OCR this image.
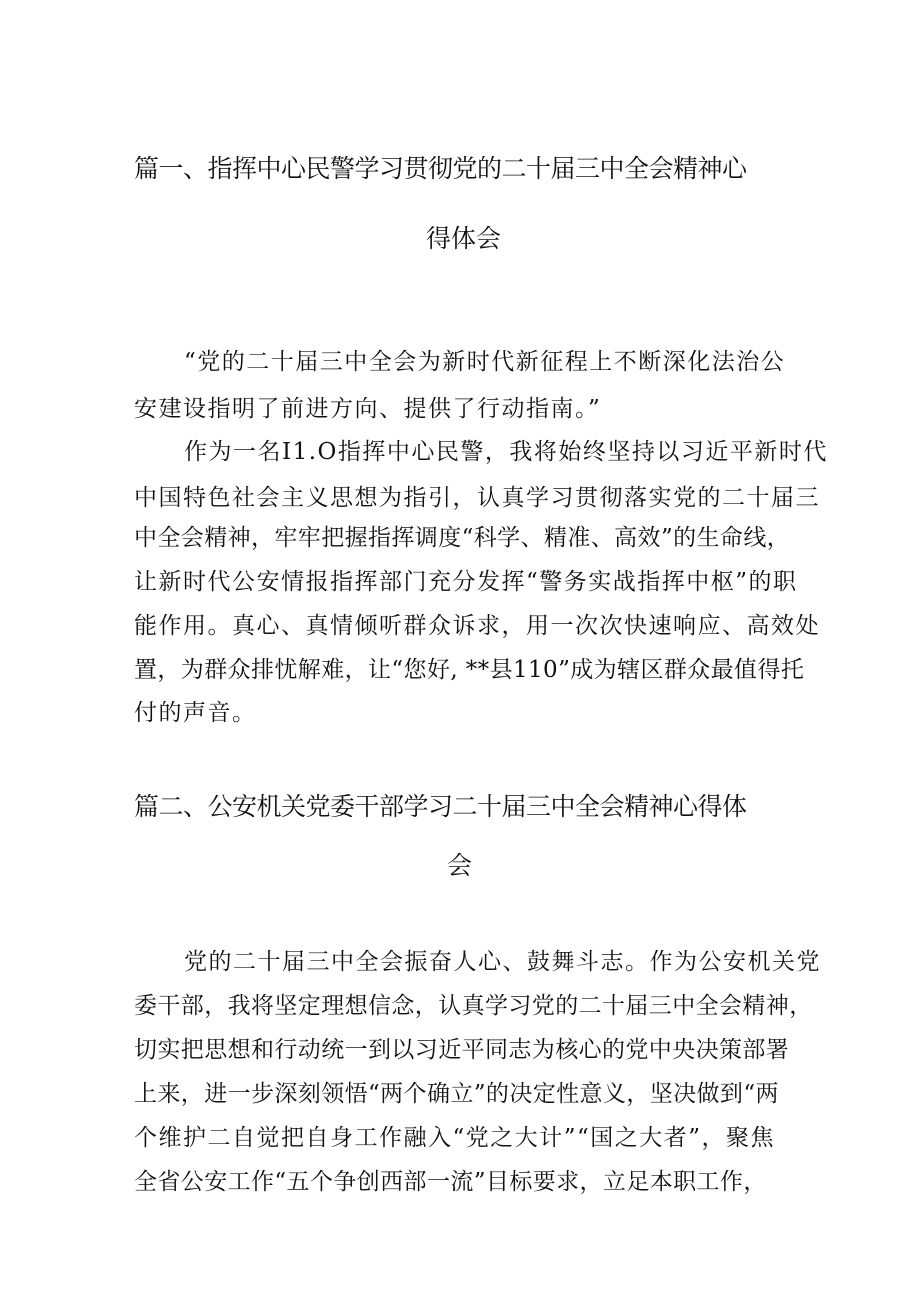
篇一、指挥中心民警学习贯彻党的二十届三中全会精神心
得体会
“党的二十届三中全会为新时代新征程上不断深化法治公
安建设指明了前进方向、提供了行动指南。”
作为一名I1.O指挥中心民警，我将始终坚持以习近平新时代
中国特色社会主义思想为指引，认真学习贯彻落实党的二十届三
中全会精神，牢牢把握指挥调度“科学、精准、高效”的生命线，
让新时代公安情报指挥部门充分发挥“警务实战指挥中枢”的职
能作用。真心、真情倾听群众诉求，用一次次快速响应、高效处
置，为群众排忧解难，让“您好, **县110”成为辖区群众最值得托
付的声音。
篇二、公安机关党委干部学习二十届三中全会精神心得体
会
党的二十届三中全会振奋人心、鼓舞斗志。作为公安机关党
委干部，我将坚定理想信念，认真学习党的二十届三中全会精神，
切实把思想和行动统一到以习近平同志为核心的党中央决策部署
上来，进一步深刻领悟“两个确立”的决定性意义，坚决做到“两
个维护二自觉把自身工作融入“党之大计”“国之大者”，聚焦
全省公安工作“五个争创西部一流”目标要求，立足本职工作，
